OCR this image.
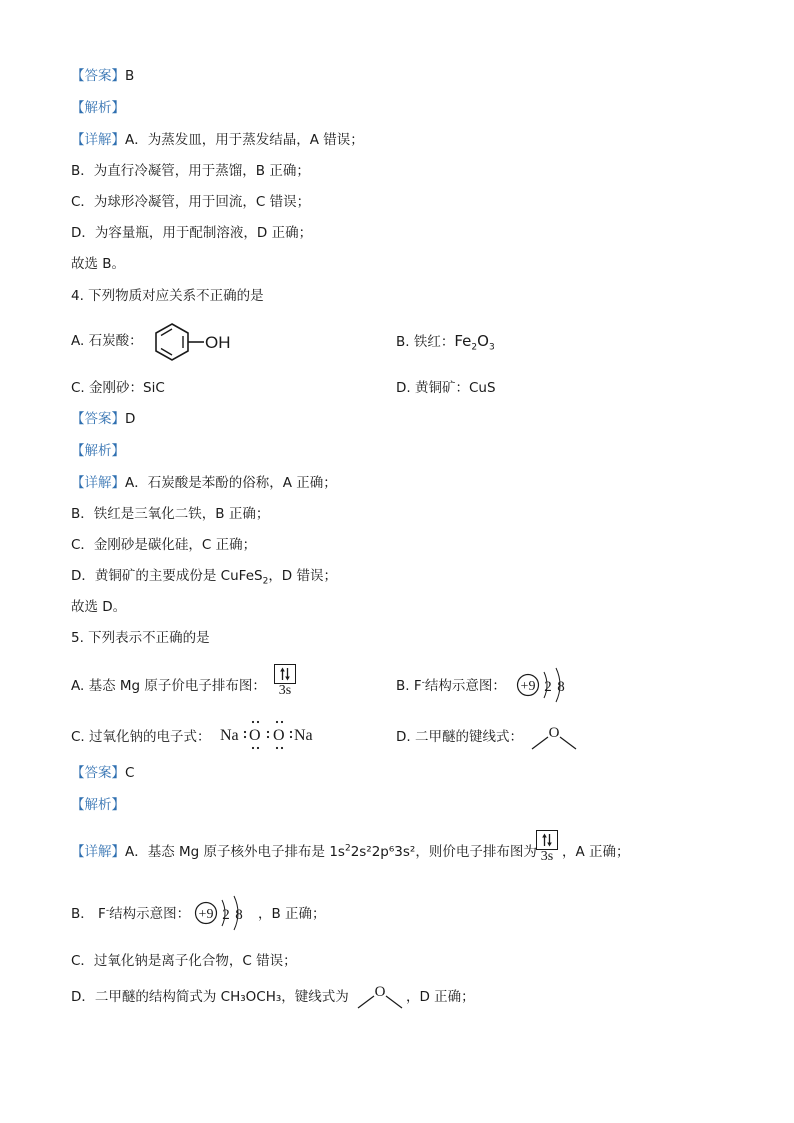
【答案】B
【解析】
【详解】A．为蒸发皿，用于蒸发结晶，A 错误；
B．为直行冷凝管，用于蒸馏，B 正确；
C．为球形冷凝管，用于回流，C 错误；
D．为容量瓶，用于配制溶液，D 正确；
故选 B。
4. 下列物质对应关系不正确的是
A. 石炭酸：	OH	B. 铁红：$Fe_2O_3$
C. 金刚砂：SiC	D. 黄铜矿：CuS
【答案】D
【解析】
【详解】A．石炭酸是苯酚的俗称，A 正确；
B．铁红是三氧化二铁，B 正确；
C．金刚砂是碳化硅，C 正确；
D．黄铜矿的主要成份是 CuFeS$_2$，D 错误；
故选 D。
5. 下列表示不正确的是
A. 基态 Mg 原子价电子排布图： 3s	B. F-结构示意图： +9 2 8
C. 过氧化钠的电子式： Na O O Na	D. 二甲醚的键线式： O
【答案】C
【解析】
【详解】A．基态 Mg 原子核外电子排布是 $1s^22s^22p^63s^2$，则价电子排布图为 3s ，A 正确；
B． F-结构示意图： +9 2 8 ，B 正确；
C．过氧化钠是离子化合物，C 错误；
D．二甲醚的结构简式为 CH₃OCH₃，键线式为 O ，D 正确；
